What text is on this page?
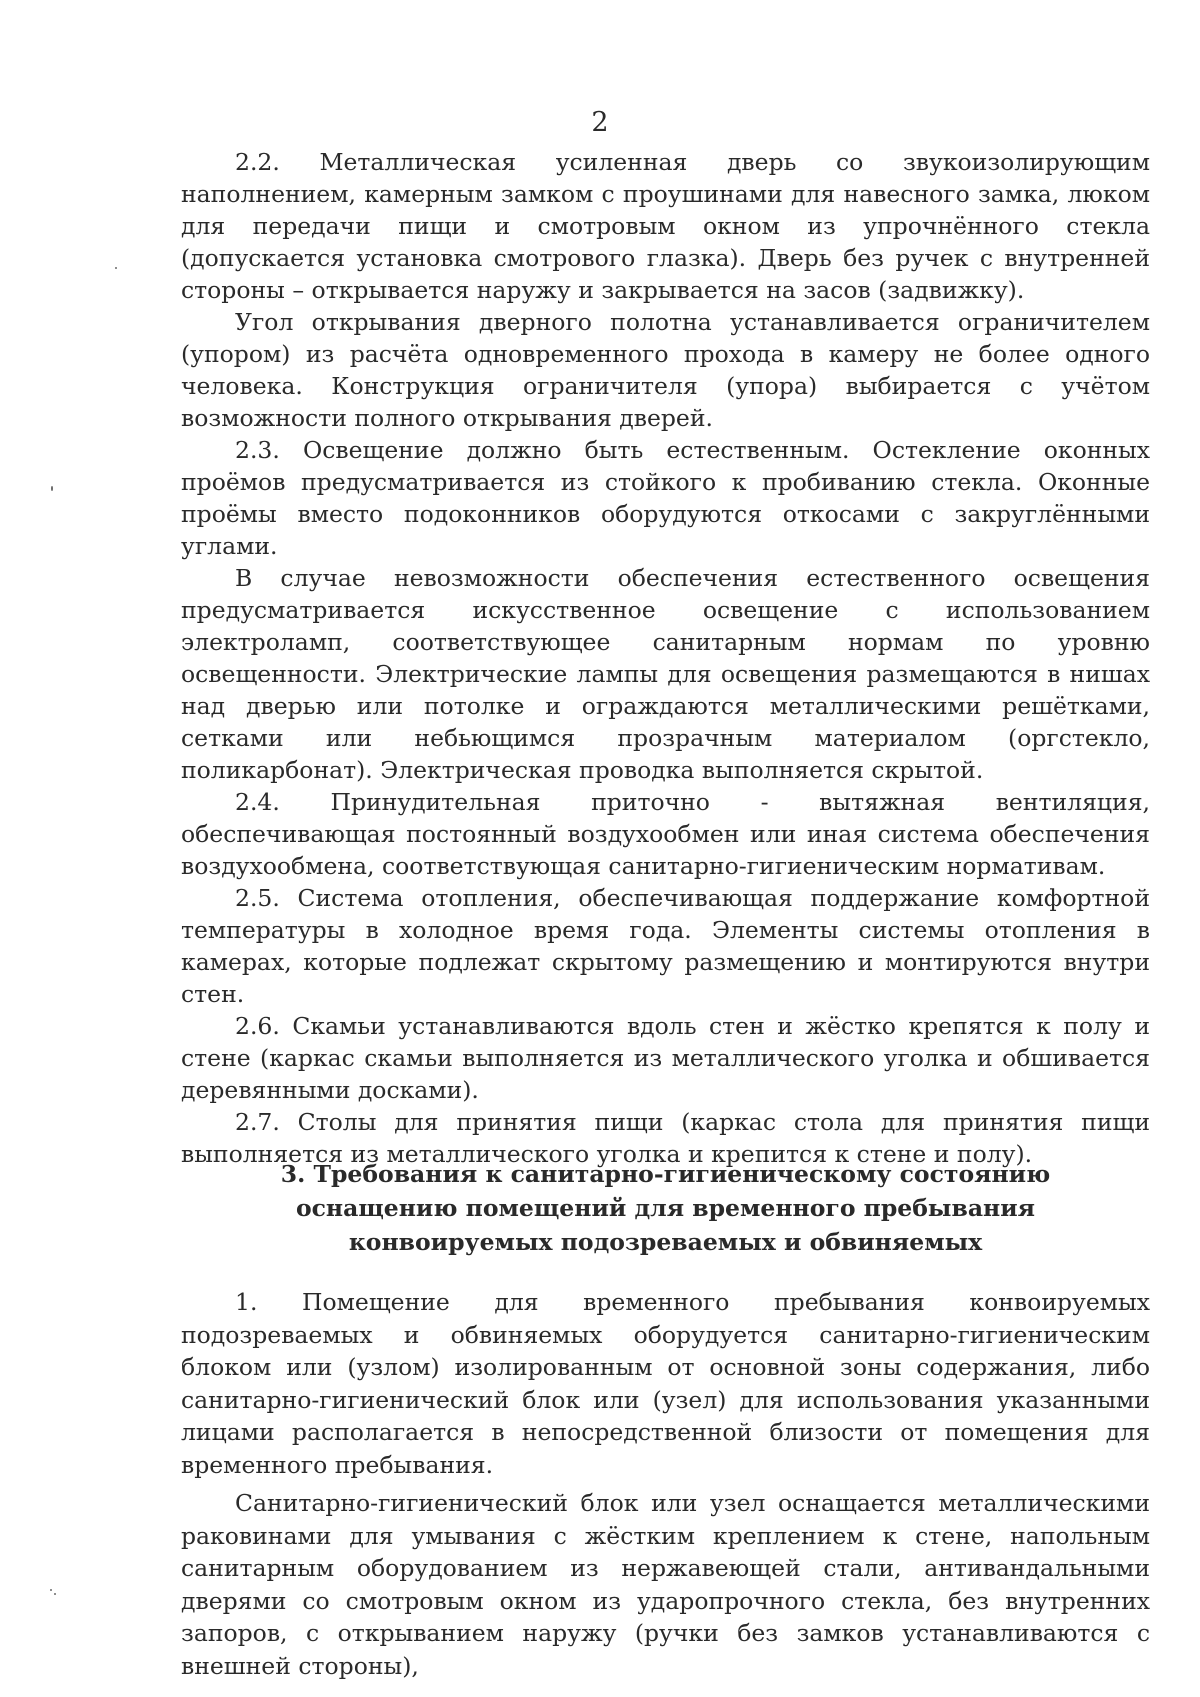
2

2.2. Металлическая усиленная дверь со звукоизолирующим наполнением, камерным замком с проушинами для навесного замка, люком для передачи пищи и смотровым окном из упрочнённого стекла (допускается установка смотрового глазка). Дверь без ручек с внутренней стороны – открывается наружу и закрывается на засов (задвижку).

Угол открывания дверного полотна устанавливается ограничителем (упором) из расчёта одновременного прохода в камеру не более одного человека. Конструкция ограничителя (упора) выбирается с учётом возможности полного открывания дверей.

2.3. Освещение должно быть естественным. Остекление оконных проёмов предусматривается из стойкого к пробиванию стекла. Оконные проёмы вместо подоконников оборудуются откосами с закруглёнными углами.

В случае невозможности обеспечения естественного освещения предусматривается искусственное освещение с использованием электроламп, соответствующее санитарным нормам по уровню освещенности. Электрические лампы для освещения размещаются в нишах над дверью или потолке и ограждаются металлическими решётками, сетками или небьющимся прозрачным материалом (оргстекло, поликарбонат). Электрическая проводка выполняется скрытой.

2.4. Принудительная приточно - вытяжная вентиляция, обеспечивающая постоянный воздухообмен или иная система обеспечения воздухообмена, соответствующая санитарно-гигиеническим нормативам.

2.5. Система отопления, обеспечивающая поддержание комфортной температуры в холодное время года. Элементы системы отопления в камерах, которые подлежат скрытому размещению и монтируются внутри стен.

2.6. Скамьи устанавливаются вдоль стен и жёстко крепятся к полу и стене (каркас скамьи выполняется из металлического уголка и обшивается деревянными досками).

2.7. Столы для принятия пищи (каркас стола для принятия пищи выполняется из металлического уголка и крепится к стене и полу).

3. Требования к санитарно-гигиеническому состоянию
оснащению помещений для временного пребывания
конвоируемых подозреваемых и обвиняемых

1. Помещение для временного пребывания конвоируемых подозреваемых и обвиняемых оборудуется санитарно-гигиеническим блоком или (узлом) изолированным от основной зоны содержания, либо санитарно-гигиенический блок или (узел) для использования указанными лицами располагается в непосредственной близости от помещения для временного пребывания.

Санитарно-гигиенический блок или узел оснащается металлическими раковинами для умывания с жёстким креплением к стене, напольным санитарным оборудованием из нержавеющей стали, антивандальными дверями со смотровым окном из ударопрочного стекла, без внутренних запоров, с открыванием наружу (ручки без замков устанавливаются с внешней стороны),
